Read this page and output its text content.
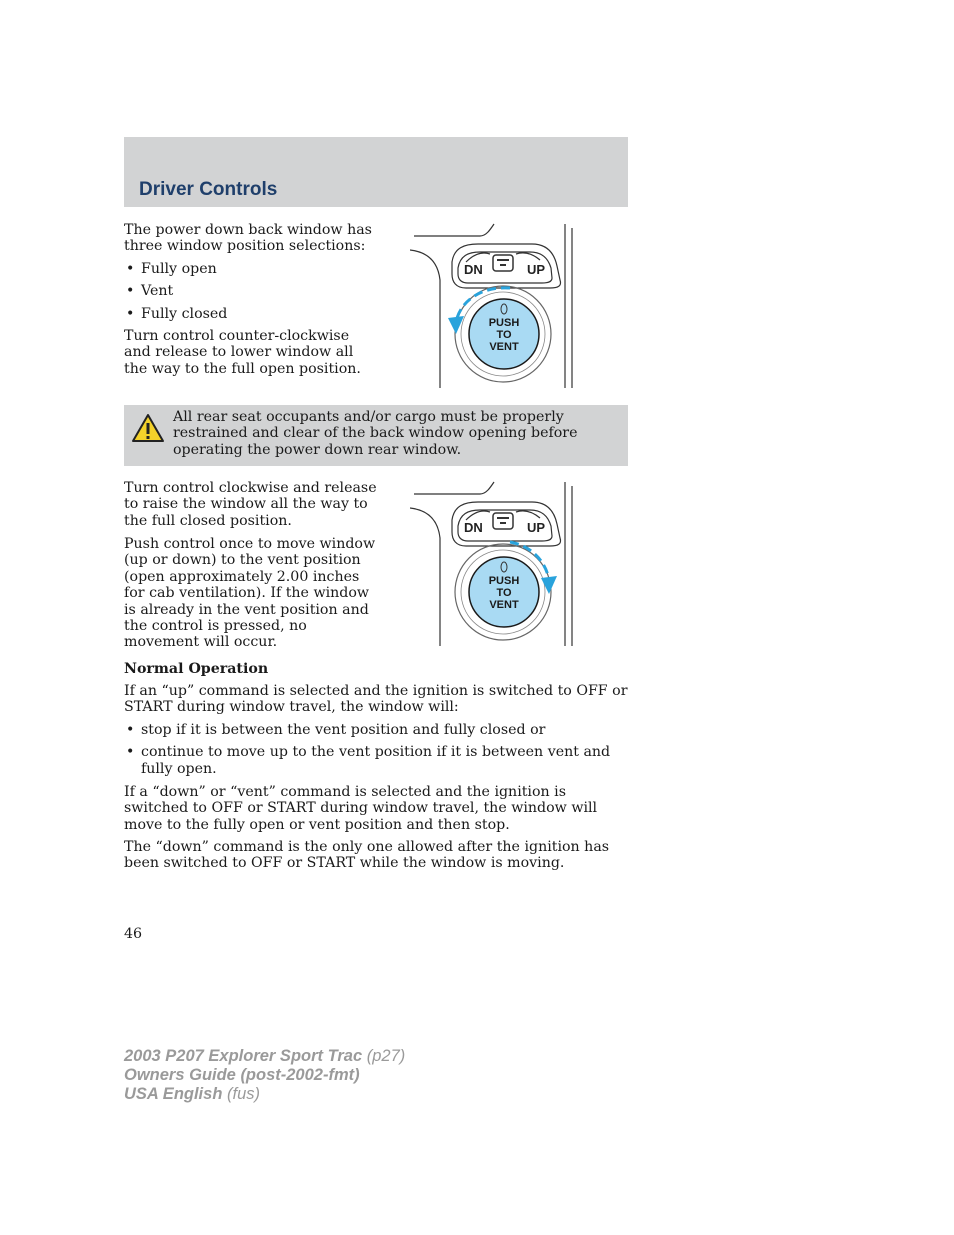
Driver Controls

The power down back window has three window position selections:

• Fully open
• Vent
• Fully closed

Turn control counter-clockwise and release to lower window all the way to the full open position.

DN	UP
PUSH
TO
VENT
All rear seat occupants and/or cargo must be properly restrained and clear of the back window opening before operating the power down rear window.

Turn control clockwise and release to raise the window all the way to the full closed position.

Push control once to move window (up or down) to the vent position (open approximately 2.00 inches for cab ventilation). If the window is already in the vent position and the control is pressed, no movement will occur.

DN	UP
PUSH
TO
VENT
Normal Operation

If an “up” command is selected and the ignition is switched to OFF or START during window travel, the window will:

• stop if it is between the vent position and fully closed or
• continue to move up to the vent position if it is between vent and fully open.

If a “down” or “vent” command is selected and the ignition is switched to OFF or START during window travel, the window will move to the fully open or vent position and then stop.

The “down” command is the only one allowed after the ignition has been switched to OFF or START while the window is moving.

46
2003 P207 Explorer Sport Trac (p27)
Owners Guide (post-2002-fmt)
USA English (fus)
